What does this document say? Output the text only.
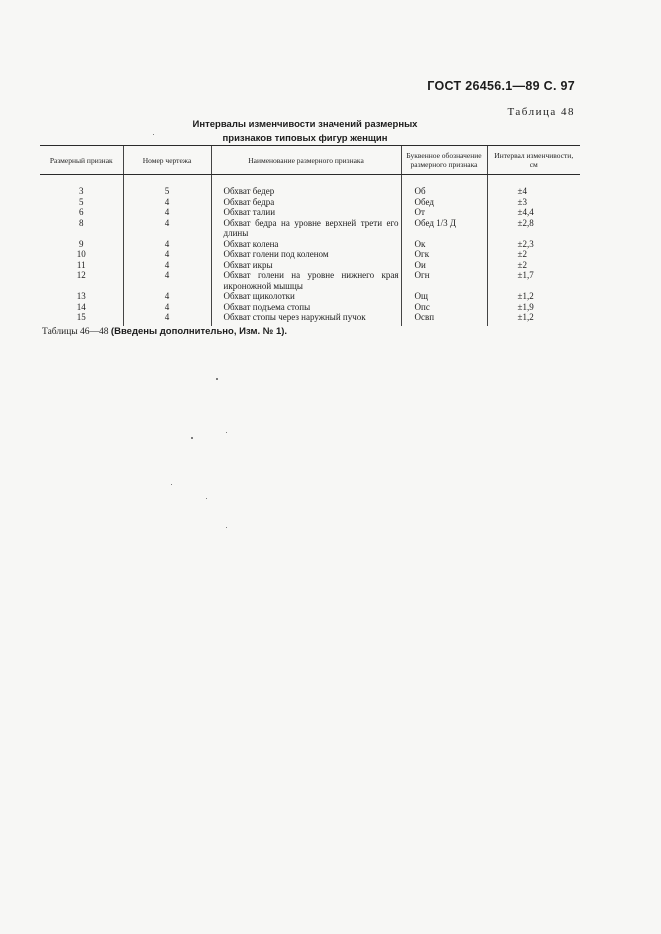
ГОСТ 26456.1—89 С. 97
Таблица 48
Интервалы изменчивости значений размерных
признаков типовых фигур женщин
Размерный признак	Номер чертежа	Наименование размерного признака	Буквенное обозначение размерного признака	Интервал изменчивости, см

3	5	Обхват бедер	Об	±4
5	4	Обхват бедра	Обед	±3
6	4	Обхват талии	От	±4,4
8	4	Обхват бедра на уровне верхней трети его длины	Обед 1/3 Д	±2,8
9	4	Обхват колена	Ок	±2,3
10	4	Обхват голени под коленом	Огк	±2
11	4	Обхват икры	Ои	±2
12	4	Обхват голени на уровне нижнего края икроножной мышцы	Огн	±1,7
13	4	Обхват щиколотки	Ощ	±1,2
14	4	Обхват подъема стопы	Опс	±1,9
15	4	Обхват стопы через наружный пучок	Освп	±1,2
Таблицы 46—48 (Введены дополнительно, Изм. № 1).
